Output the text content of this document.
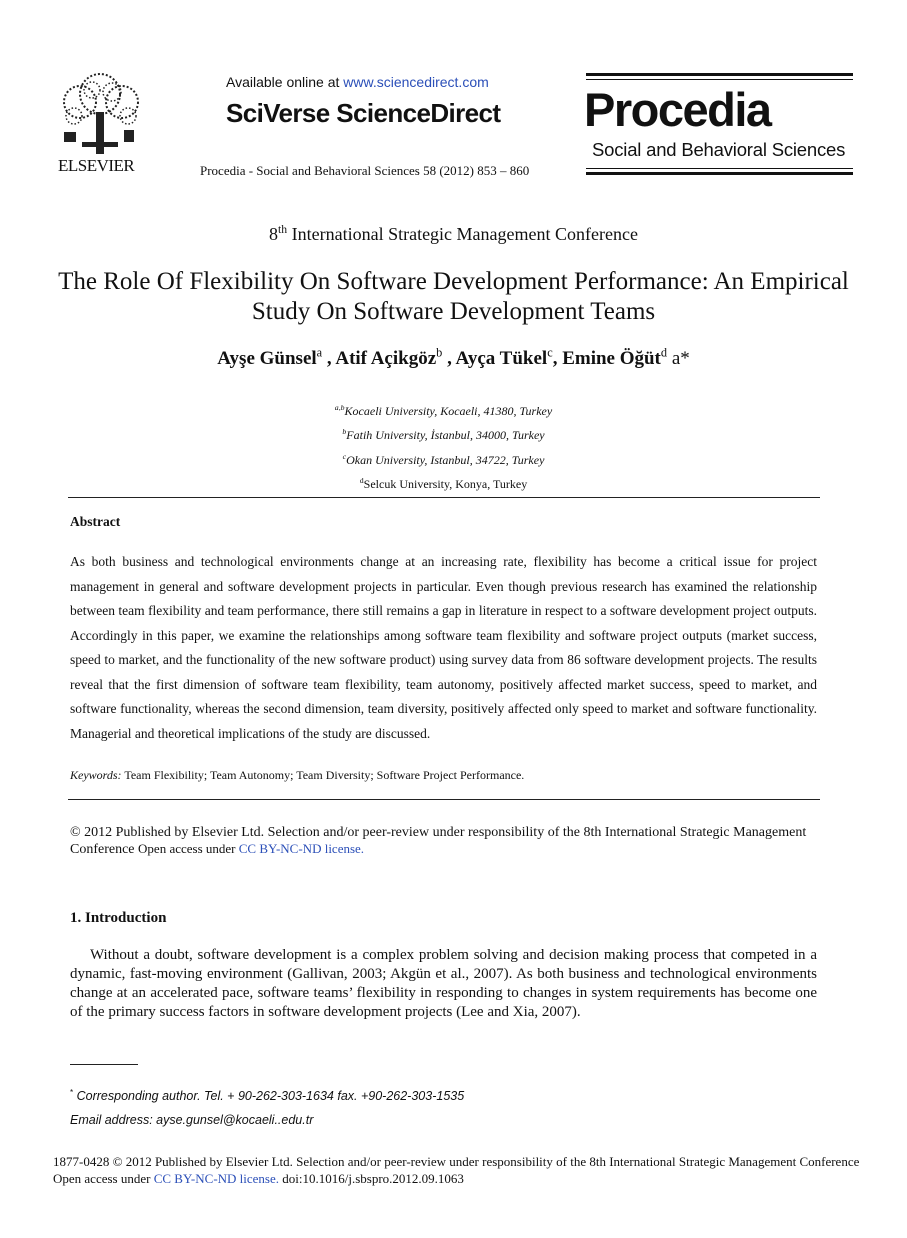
ELSEVIER
Available online at www.sciencedirect.com
SciVerse ScienceDirect
Procedia - Social and Behavioral Sciences 58 (2012) 853 – 860
Procedia
Social and Behavioral Sciences
8th International Strategic Management Conference
The Role Of Flexibility On Software Development Performance: An Empirical Study On Software Development Teams
Ayşe Günsel$^a$ , Atif Açikgöz$^b$ , Ayça Tükel$^c$, Emine Öğüt$^d$ a*
$^{a,b}$Kocaeli University, Kocaeli, 41380, Turkey
$^b$Fatih University, İstanbul, 34000, Turkey
$^c$Okan University, Istanbul, 34722, Turkey
$^d$Selcuk University, Konya, Turkey
Abstract
As both business and technological environments change at an increasing rate, flexibility has become a critical issue for project management in general and software development projects in particular. Even though previous research has examined the relationship between team flexibility and team performance, there still remains a gap in literature in respect to a software development project outputs. Accordingly in this paper, we examine the relationships among software team flexibility and software project outputs (market success, speed to market, and the functionality of the new software product) using survey data from 86 software development projects. The results reveal that the first dimension of software team flexibility, team autonomy, positively affected market success, speed to market, and software functionality, whereas the second dimension, team diversity, positively affected only speed to market and software functionality. Managerial and theoretical implications of the study are discussed.
Keywords: Team Flexibility; Team Autonomy; Team Diversity; Software Project Performance.
© 2012 Published by Elsevier Ltd. Selection and/or peer-review under responsibility of the 8th International Strategic Management Conference Open access under CC BY-NC-ND license.
1. Introduction
Without a doubt, software development is a complex problem solving and decision making process that competed in a dynamic, fast-moving environment (Gallivan, 2003; Akgün et al., 2007). As both business and technological environments change at an accelerated pace, software teams’ flexibility in responding to changes in system requirements has become one of the primary success factors in software development projects (Lee and Xia, 2007).
* Corresponding author. Tel. + 90-262-303-1634 fax. +90-262-303-1535
Email address: ayse.gunsel@kocaeli..edu.tr
1877-0428 © 2012 Published by Elsevier Ltd. Selection and/or peer-review under responsibility of the 8th International Strategic Management Conference
Open access under CC BY-NC-ND license. doi:10.1016/j.sbspro.2012.09.1063
